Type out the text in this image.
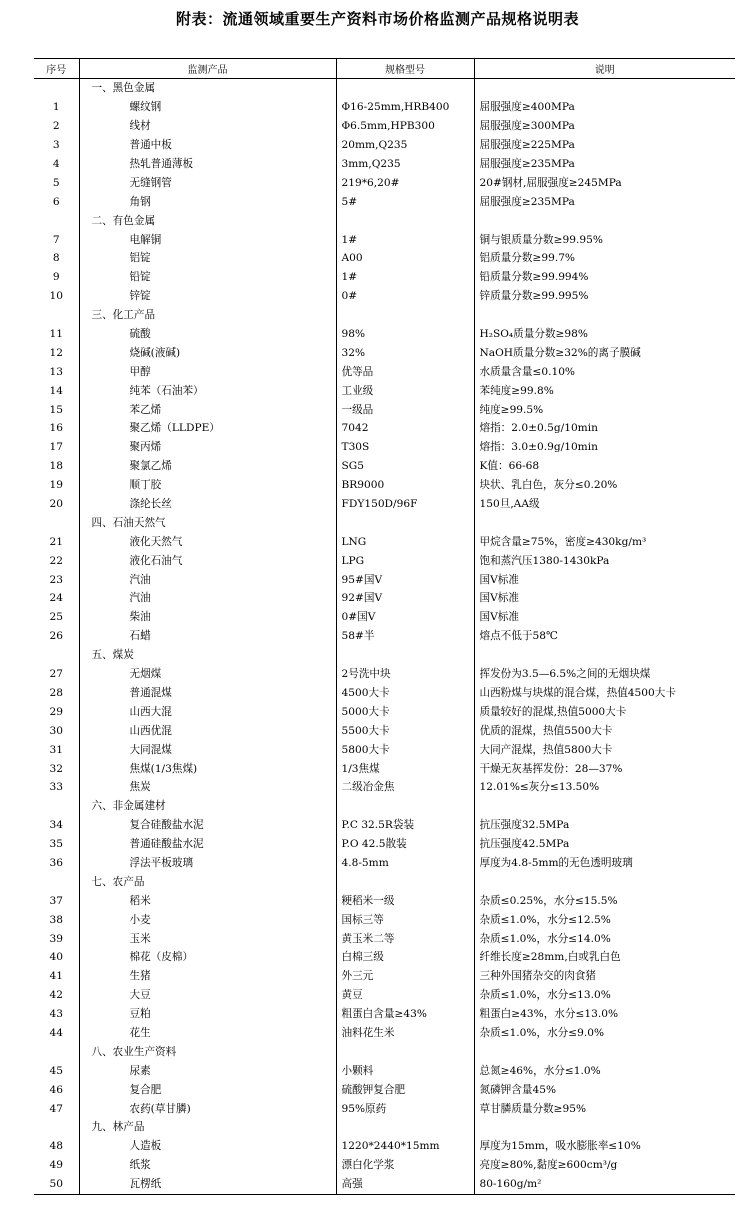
附表：流通领域重要生产资料市场价格监测产品规格说明表
序号	监测产品	规格型号	说明
	一、黑色金属		
1	螺纹钢	Φ16-25mm,HRB400	屈服强度≥400MPa
2	线材	Φ6.5mm,HPB300	屈服强度≥300MPa
3	普通中板	20mm,Q235	屈服强度≥225MPa
4	热轧普通薄板	3mm,Q235	屈服强度≥235MPa
5	无缝钢管	219*6,20#	20#钢材,屈服强度≥245MPa
6	角钢	5#	屈服强度≥235MPa
	二、有色金属		
7	电解铜	1#	铜与银质量分数≥99.95%
8	铝锭	A00	铝质量分数≥99.7%
9	铅锭	1#	铅质量分数≥99.994%
10	锌锭	0#	锌质量分数≥99.995%
	三、化工产品		
11	硫酸	98%	H₂SO₄质量分数≥98%
12	烧碱(液碱)	32%	NaOH质量分数≥32%的离子膜碱
13	甲醇	优等品	水质量含量≤0.10%
14	纯苯（石油苯）	工业级	苯纯度≥99.8%
15	苯乙烯	一级品	纯度≥99.5%
16	聚乙烯（LLDPE）	7042	熔指：2.0±0.5g/10min
17	聚丙烯	T30S	熔指：3.0±0.9g/10min
18	聚氯乙烯	SG5	K值：66-68
19	顺丁胶	BR9000	块状、乳白色，灰分≤0.20%
20	涤纶长丝	FDY150D/96F	150旦,AA级
	四、石油天然气		
21	液化天然气	LNG	甲烷含量≥75%，密度≥430kg/m³
22	液化石油气	LPG	饱和蒸汽压1380-1430kPa
23	汽油	95#国Ⅴ	国Ⅴ标准
24	汽油	92#国Ⅴ	国Ⅴ标准
25	柴油	0#国Ⅴ	国Ⅴ标准
26	石蜡	58#半	熔点不低于58℃
	五、煤炭		
27	无烟煤	2号洗中块	挥发份为3.5—6.5%之间的无烟块煤
28	普通混煤	4500大卡	山西粉煤与块煤的混合煤，热值4500大卡
29	山西大混	5000大卡	质量较好的混煤,热值5000大卡
30	山西优混	5500大卡	优质的混煤，热值5500大卡
31	大同混煤	5800大卡	大同产混煤，热值5800大卡
32	焦煤(1/3焦煤)	1/3焦煤	干燥无灰基挥发份：28—37%
33	焦炭	二级冶金焦	12.01%≤灰分≤13.50%
	六、非金属建材		
34	复合硅酸盐水泥	P.C 32.5R袋装	抗压强度32.5MPa
35	普通硅酸盐水泥	P.O 42.5散装	抗压强度42.5MPa
36	浮法平板玻璃	4.8-5mm	厚度为4.8-5mm的无色透明玻璃
	七、农产品		
37	稻米	粳稻米一级	杂质≤0.25%，水分≤15.5%
38	小麦	国标三等	杂质≤1.0%，水分≤12.5%
39	玉米	黄玉米二等	杂质≤1.0%，水分≤14.0%
40	棉花（皮棉）	白棉三级	纤维长度≥28mm,白或乳白色
41	生猪	外三元	三种外国猪杂交的肉食猪
42	大豆	黄豆	杂质≤1.0%，水分≤13.0%
43	豆粕	粗蛋白含量≥43%	粗蛋白≥43%，水分≤13.0%
44	花生	油料花生米	杂质≤1.0%，水分≤9.0%
	八、农业生产资料		
45	尿素	小颗料	总氮≥46%，水分≤1.0%
46	复合肥	硫酸钾复合肥	氮磷钾含量45%
47	农药(草甘膦)	95%原药	草甘膦质量分数≥95%
	九、林产品		
48	人造板	1220*2440*15mm	厚度为15mm，吸水膨胀率≤10%
49	纸浆	漂白化学浆	亮度≥80%,黏度≥600cm³/g
50	瓦楞纸	高强	80-160g/m²
